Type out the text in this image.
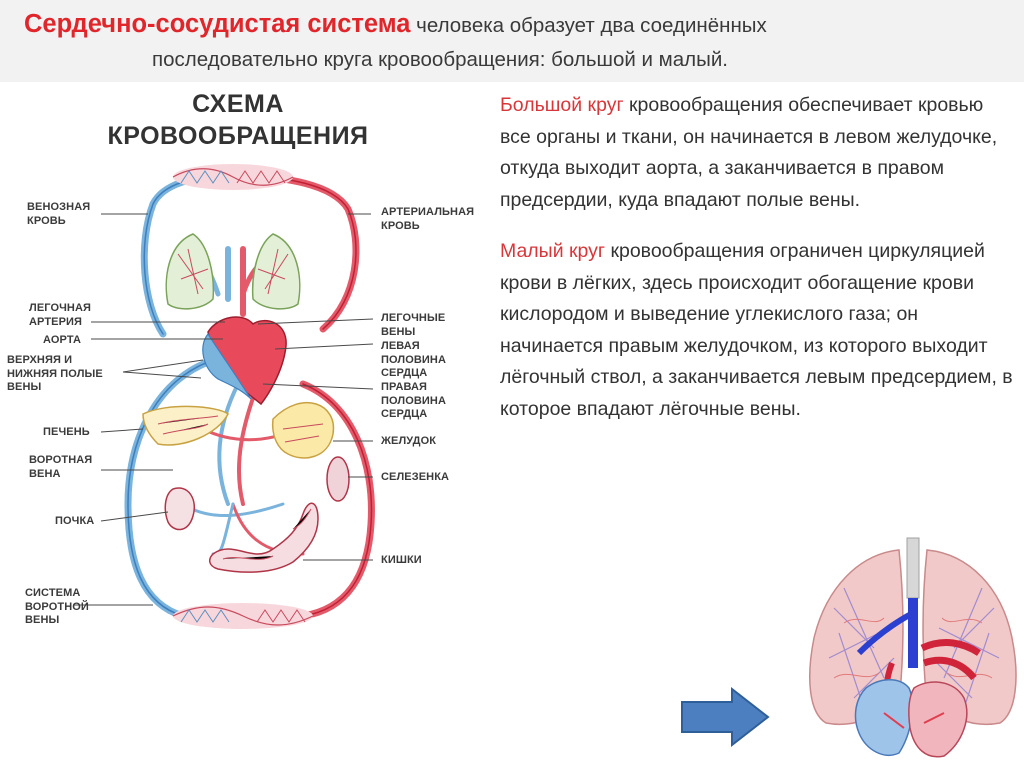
Сердечно-сосудистая система человека образует два соединённых
последовательно круга кровообращения: большой и малый.
СХЕМА
КРОВООБРАЩЕНИЯ
ВЕНОЗНАЯ
КРОВЬ
АРТЕРИАЛЬНАЯ
КРОВЬ
ЛЕГОЧНАЯ
АРТЕРИЯ
АОРТА
ВЕРХНЯЯ И
НИЖНЯЯ ПОЛЫЕ
ВЕНЫ
ПЕЧЕНЬ
ВОРОТНАЯ
ВЕНА
ПОЧКА
СИСТЕМА
ВОРОТНОЙ
ВЕНЫ
ЛЕГОЧНЫЕ
ВЕНЫ
ЛЕВАЯ
ПОЛОВИНА
СЕРДЦА
ПРАВАЯ
ПОЛОВИНА
СЕРДЦА
ЖЕЛУДОК
СЕЛЕЗЕНКА
КИШКИ

Большой круг кровообращения обеспечивает кровью все органы и ткани, он начинается в левом желудочке, откуда выходит аорта, а заканчивается в правом предсердии, куда впадают полые вены.

Малый круг кровообращения ограничен циркуляцией крови в лёгких, здесь происходит обогащение крови кислородом и выведение углекислого газа; он начинается правым желудочком, из которого выходит лёгочный ствол, а заканчивается левым предсердием, в которое впадают лёгочные вены.
